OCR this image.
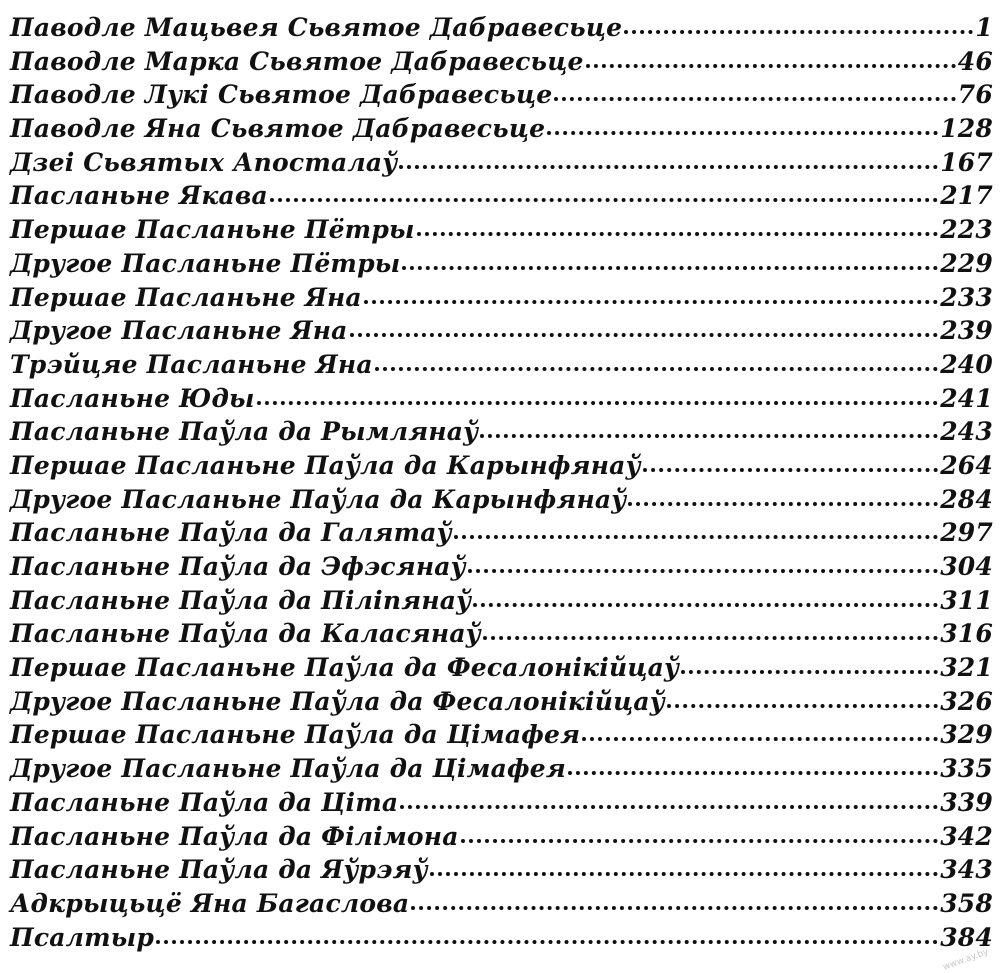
Паводле Мацьвея Сьвятое Дабравесьце	1
Паводле Марка Сьвятое Дабравесьце	46
Паводле Лукі Сьвятое Дабравесьце	76
Паводле Яна Сьвятое Дабравесьце	128
Дзеі Сьвятых Апосталаў	167
Пасланьне Якава	217
Першае Пасланьне Пётры	223
Другое Пасланьне Пётры	229
Першае Пасланьне Яна	233
Другое Пасланьне Яна	239
Трэйцяе Пасланьне Яна	240
Пасланьне Юды	241
Пасланьне Паўла да Рымлянаў	243
Першае Пасланьне Паўла да Карынфянаў	264
Другое Пасланьне Паўла да Карынфянаў	284
Пасланьне Паўла да Галятаў	297
Пасланьне Паўла да Эфэсянаў	304
Пасланьне Паўла да Піліпянаў	311
Пасланьне Паўла да Каласянаў	316
Першае Пасланьне Паўла да Фесалонікійцаў	321
Другое Пасланьне Паўла да Фесалонікійцаў	326
Першае Пасланьне Паўла да Цімафея	329
Другое Пасланьне Паўла да Цімафея	335
Пасланьне Паўла да Ціта	339
Пасланьне Паўла да Філімона	342
Пасланьне Паўла да Яўрэяў	343
Адкрыцьцё Яна Багаслова	358
Псалтыр	384
www.ay.by
